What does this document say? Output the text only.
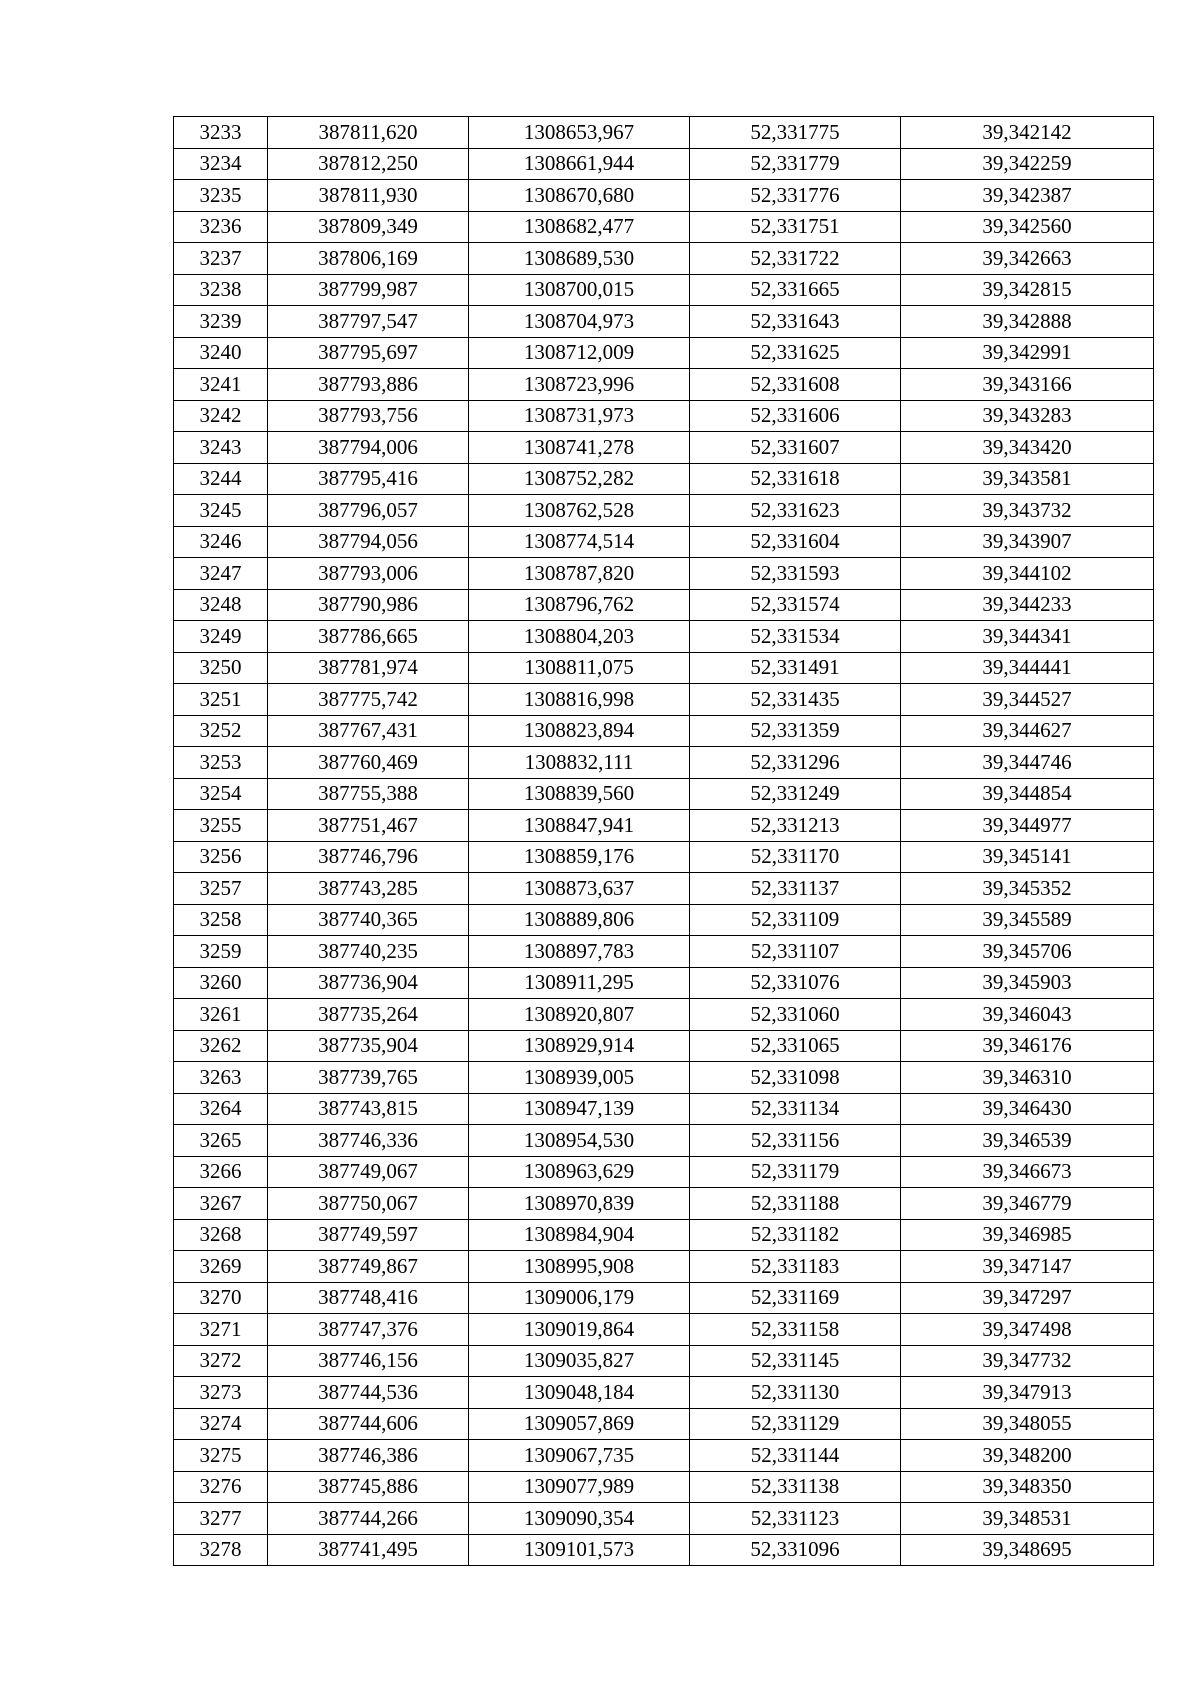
3233	387811,620	1308653,967	52,331775	39,342142
3234	387812,250	1308661,944	52,331779	39,342259
3235	387811,930	1308670,680	52,331776	39,342387
3236	387809,349	1308682,477	52,331751	39,342560
3237	387806,169	1308689,530	52,331722	39,342663
3238	387799,987	1308700,015	52,331665	39,342815
3239	387797,547	1308704,973	52,331643	39,342888
3240	387795,697	1308712,009	52,331625	39,342991
3241	387793,886	1308723,996	52,331608	39,343166
3242	387793,756	1308731,973	52,331606	39,343283
3243	387794,006	1308741,278	52,331607	39,343420
3244	387795,416	1308752,282	52,331618	39,343581
3245	387796,057	1308762,528	52,331623	39,343732
3246	387794,056	1308774,514	52,331604	39,343907
3247	387793,006	1308787,820	52,331593	39,344102
3248	387790,986	1308796,762	52,331574	39,344233
3249	387786,665	1308804,203	52,331534	39,344341
3250	387781,974	1308811,075	52,331491	39,344441
3251	387775,742	1308816,998	52,331435	39,344527
3252	387767,431	1308823,894	52,331359	39,344627
3253	387760,469	1308832,111	52,331296	39,344746
3254	387755,388	1308839,560	52,331249	39,344854
3255	387751,467	1308847,941	52,331213	39,344977
3256	387746,796	1308859,176	52,331170	39,345141
3257	387743,285	1308873,637	52,331137	39,345352
3258	387740,365	1308889,806	52,331109	39,345589
3259	387740,235	1308897,783	52,331107	39,345706
3260	387736,904	1308911,295	52,331076	39,345903
3261	387735,264	1308920,807	52,331060	39,346043
3262	387735,904	1308929,914	52,331065	39,346176
3263	387739,765	1308939,005	52,331098	39,346310
3264	387743,815	1308947,139	52,331134	39,346430
3265	387746,336	1308954,530	52,331156	39,346539
3266	387749,067	1308963,629	52,331179	39,346673
3267	387750,067	1308970,839	52,331188	39,346779
3268	387749,597	1308984,904	52,331182	39,346985
3269	387749,867	1308995,908	52,331183	39,347147
3270	387748,416	1309006,179	52,331169	39,347297
3271	387747,376	1309019,864	52,331158	39,347498
3272	387746,156	1309035,827	52,331145	39,347732
3273	387744,536	1309048,184	52,331130	39,347913
3274	387744,606	1309057,869	52,331129	39,348055
3275	387746,386	1309067,735	52,331144	39,348200
3276	387745,886	1309077,989	52,331138	39,348350
3277	387744,266	1309090,354	52,331123	39,348531
3278	387741,495	1309101,573	52,331096	39,348695
